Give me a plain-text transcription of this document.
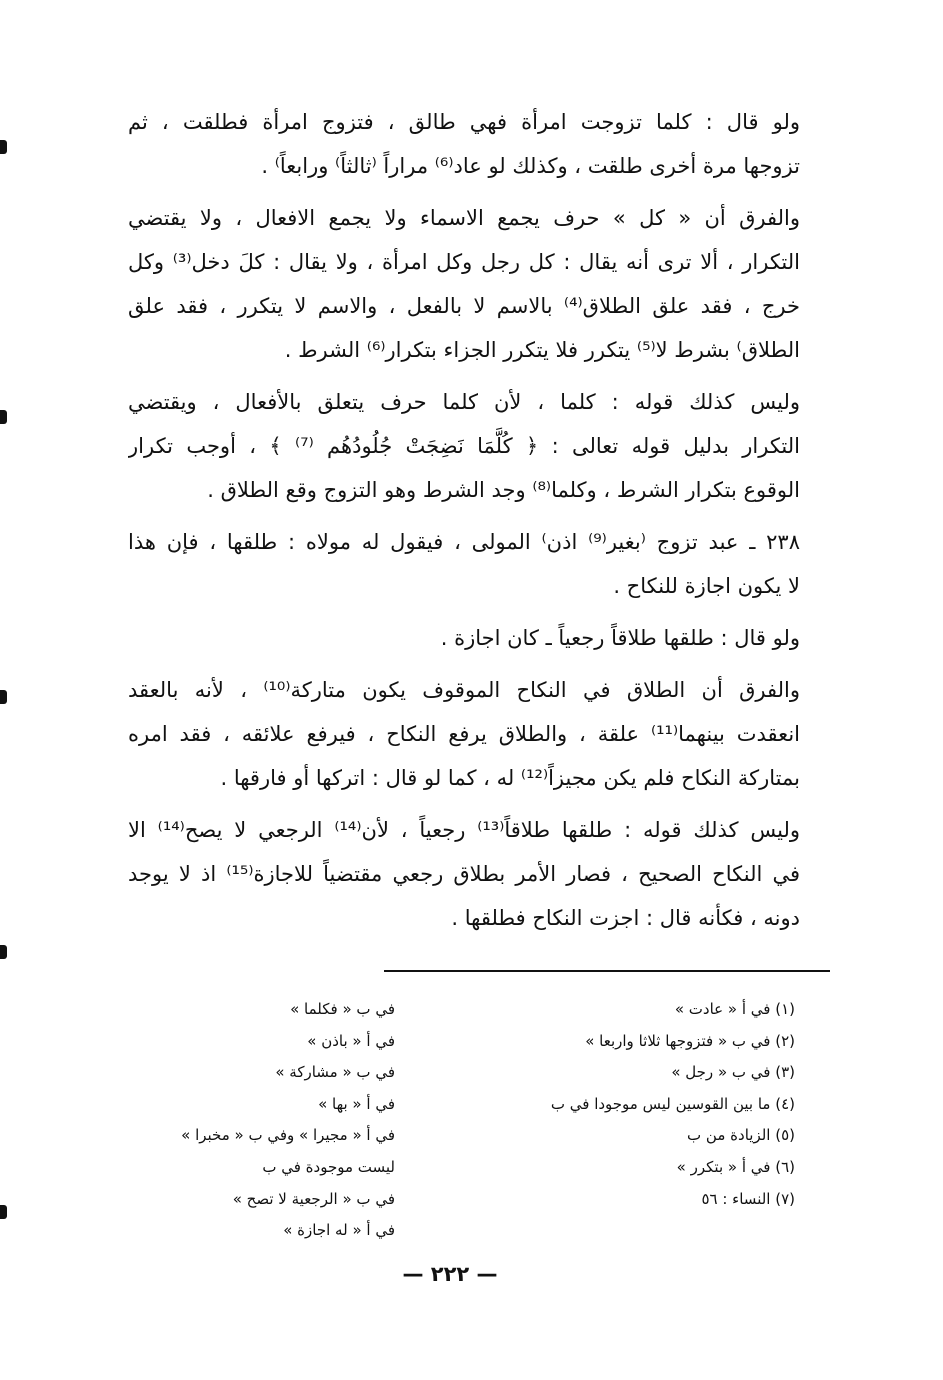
ولو قال : كلما تزوجت امرأة فهي طالق ، فتزوج امرأة فطلقت ، ثم
تزوجها مرة أخرى طلقت ، وكذلك لو عاد⁽⁶⁾ مراراً ⁽ثالثاً⁾ ورابعاً⁾ .
والفرق أن « كل » حرف يجمع الاسماء ولا يجمع الافعال ، ولا يقتضي
التكرار ، ألا ترى أنه يقال : كل رجل وكل امرأة ، ولا يقال : كلَ دخل⁽³⁾ وكل
خرج ، فقد علق الطلاق⁽⁴⁾ بالاسم لا بالفعل ، والاسم لا يتكرر ، فقد علق
الطلاق⁾ بشرط لا⁽⁵⁾ يتكرر فلا يتكرر الجزاء بتكرار⁽⁶⁾ الشرط .
وليس كذلك قوله : كلما ، لأن كلما حرف يتعلق بالأفعال ، ويقتضي
التكرار بدليل قوله تعالى : ﴿ كُلَّمَا نَضِجَتْ جُلُودُهُم ⁽⁷⁾ ﴾ ، أوجب تكرار
الوقوع بتكرار الشرط ، وكلما⁽⁸⁾ وجد الشرط وهو التزوج وقع الطلاق .
٢٣٨ ـ عبد تزوج ⁽بغير⁽⁹⁾ اذن⁾ المولى ، فيقول له مولاه : طلقها ، فإن هذا
لا يكون اجازة للنكاح .
ولو قال : طلقها طلاقاً رجعياً ـ كان اجازة .
والفرق أن الطلاق في النكاح الموقوف يكون متاركة⁽¹⁰⁾ ، لأنه بالعقد
انعقدت بينهما⁽¹¹⁾ علقة ، والطلاق يرفع النكاح ، فيرفع علائقه ، فقد امره
بمتاركة النكاح فلم يكن مجيزاً⁽¹²⁾ له ، كما لو قال : اتركها أو فارقها .
وليس كذلك قوله : طلقها طلاقاً⁽¹³⁾ رجعياً ، لأن⁽¹⁴⁾ الرجعي لا يصح⁽¹⁴⁾ الا
في النكاح الصحيح ، فصار الأمر بطلاق رجعي مقتضياً للاجازة⁽¹⁵⁾ اذ لا يوجد
دونه ، فكأنه قال : اجزت النكاح فطلقها .
(١) في أ « عادت »
(٢) في ب « فتزوجها ثلاثا واربعا »
(٣) في ب « رجل »
(٤) ما بين القوسين ليس موجودا في ب
(٥) الزيادة من ب
(٦) في أ « بتكرر »
(٧) النساء : ٥٦
في ب « فكلما »
في أ « باذن »
في ب « مشاركة »
في أ « بها »
في أ « مجيرا » وفي ب « مخبرا »
ليست موجودة في ب
في ب « الرجعية لا تصح »
في أ « له اجازة »
— ٢٢٢ —
